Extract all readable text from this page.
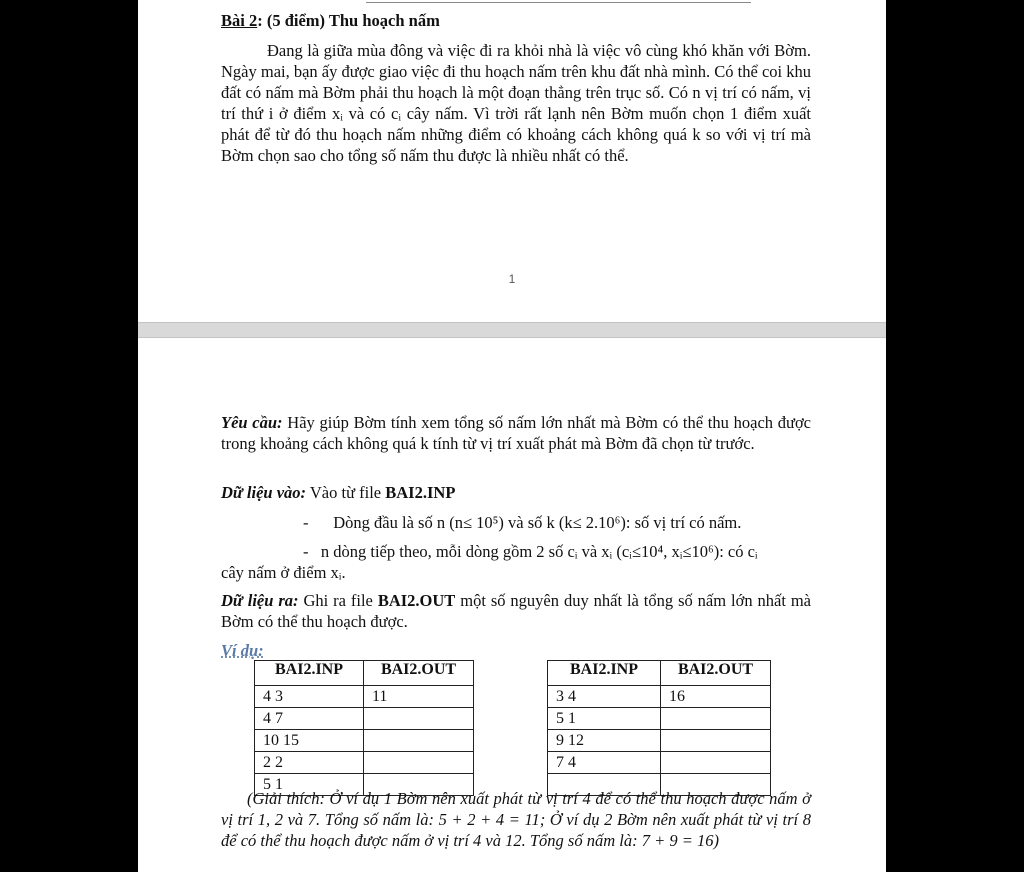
Bài 2: (5 điểm) Thu hoạch nấm
Đang là giữa mùa đông và việc đi ra khỏi nhà là việc vô cùng khó khăn với Bờm. Ngày mai, bạn ấy được giao việc đi thu hoạch nấm trên khu đất nhà mình. Có thể coi khu đất có nấm mà Bờm phải thu hoạch là một đoạn thẳng trên trục số. Có n vị trí có nấm, vị trí thứ i ở điểm xᵢ và có cᵢ cây nấm. Vì trời rất lạnh nên Bờm muốn chọn 1 điểm xuất phát để từ đó thu hoạch nấm những điểm có khoảng cách không quá k so với vị trí mà Bờm chọn sao cho tổng số nấm thu được là nhiều nhất có thể.
1
Yêu cầu: Hãy giúp Bờm tính xem tổng số nấm lớn nhất mà Bờm có thể thu hoạch được trong khoảng cách không quá k tính từ vị trí xuất phát mà Bờm đã chọn từ trước.
Dữ liệu vào: Vào từ file BAI2.INP
-      Dòng đầu là số n (n≤ 10⁵) và số k (k≤ 2.10⁶): số vị trí có nấm.
-   n dòng tiếp theo, mỗi dòng gồm 2 số cᵢ và xᵢ (cᵢ≤10⁴, xᵢ≤10⁶): có cᵢ
cây nấm ở điểm xᵢ.
Dữ liệu ra: Ghi ra file BAI2.OUT một số nguyên duy nhất là tổng số nấm lớn nhất mà Bờm có thể thu hoạch được.
Ví dụ:
BAI2.INP	BAI2.OUT
4 3	11
4 7	
10 15	
2 2	
5 1	
BAI2.INP	BAI2.OUT
3 4	16
5 1	
9 12	
7 4	

(Giải thích: Ở ví dụ 1 Bờm nên xuất phát từ vị trí 4 để có thể thu hoạch được nấm ở vị trí 1, 2 và 7. Tổng số nấm là: 5 + 2 + 4 = 11; Ở ví dụ 2 Bờm nên xuất phát từ vị trí 8 để có thể thu hoạch được nấm ở vị trí 4 và 12. Tổng số nấm là: 7 + 9 = 16)
